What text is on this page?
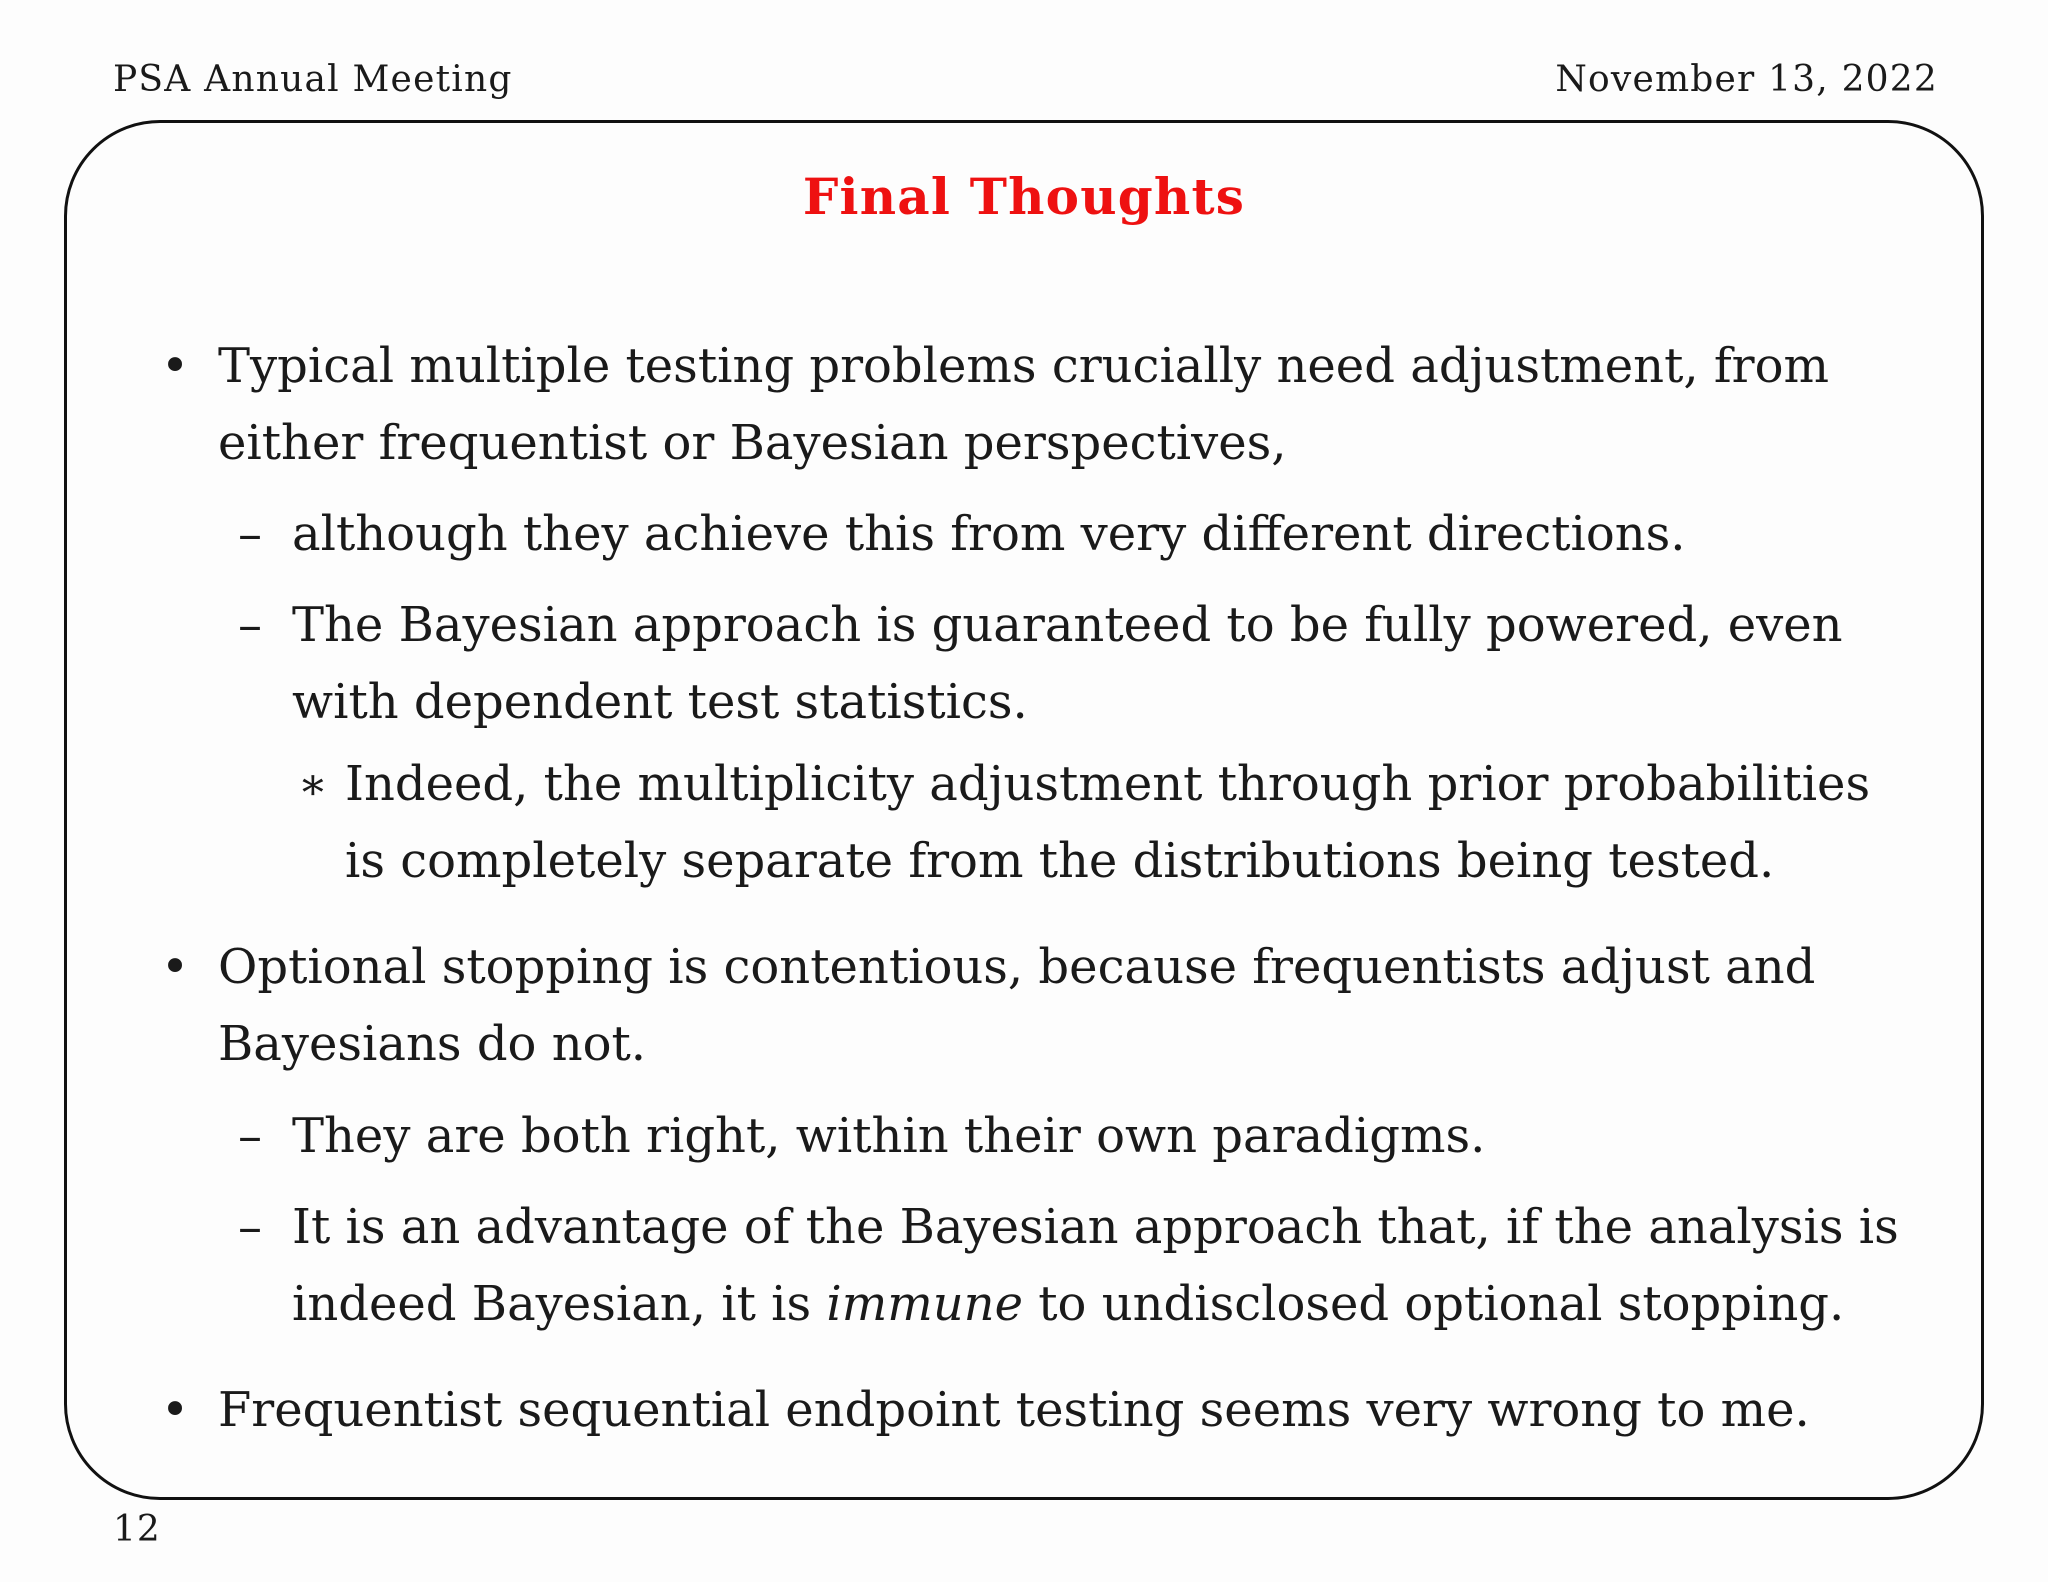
PSA Annual Meeting	November 13, 2022
Final Thoughts
• Typical multiple testing problems crucially need adjustment, from either frequentist or Bayesian perspectives,
– although they achieve this from very different directions.
– The Bayesian approach is guaranteed to be fully powered, even with dependent test statistics.
∗ Indeed, the multiplicity adjustment through prior probabilities is completely separate from the distributions being tested.
• Optional stopping is contentious, because frequentists adjust and Bayesians do not.
– They are both right, within their own paradigms.
– It is an advantage of the Bayesian approach that, if the analysis is indeed Bayesian, it is immune to undisclosed optional stopping.
• Frequentist sequential endpoint testing seems very wrong to me.
12
